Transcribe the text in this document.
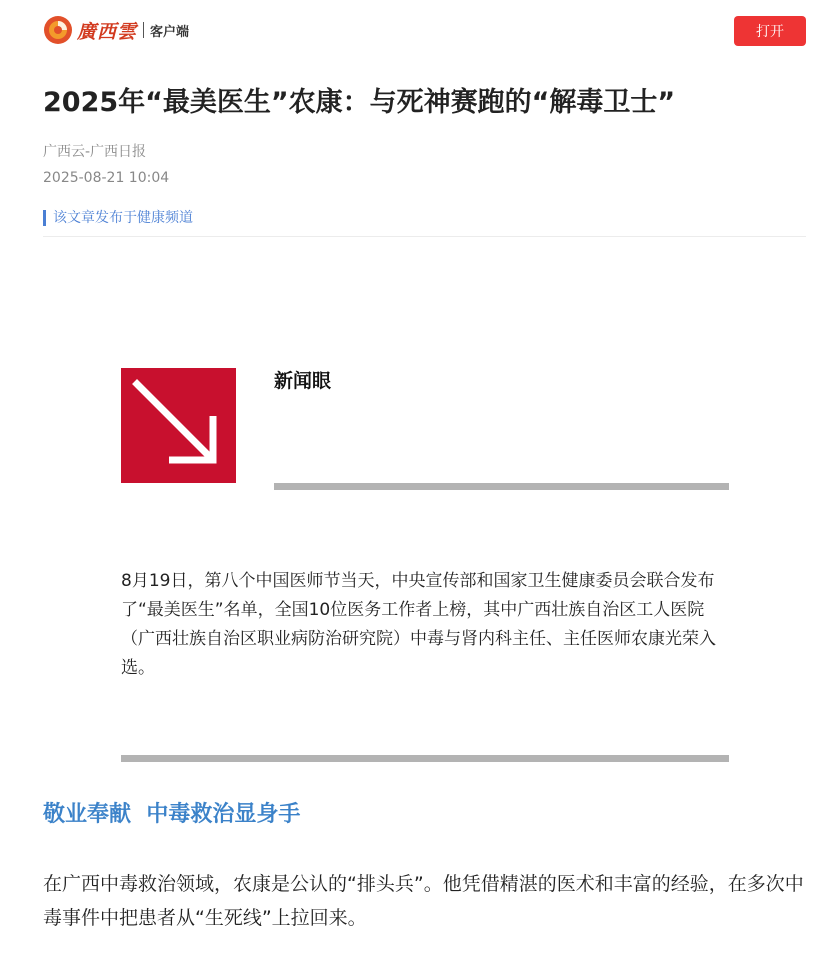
廣西雲 客户端	打开
2025年“最美医生”农康：与死神赛跑的“解毒卫士”
广西云-广西日报
2025-08-21 10:04
该文章发布于健康频道
新闻眼

8月19日，第八个中国医师节当天，中央宣传部和国家卫生健康委员会联合发布了“最美医生”名单，全国10位医务工作者上榜，其中广西壮族自治区工人医院（广西壮族自治区职业病防治研究院）中毒与肾内科主任、主任医师农康光荣入选。

敬业奉献  中毒救治显身手

在广西中毒救治领域，农康是公认的“排头兵”。他凭借精湛的医术和丰富的经验，在多次中毒事件中把患者从“生死线”上拉回来。
